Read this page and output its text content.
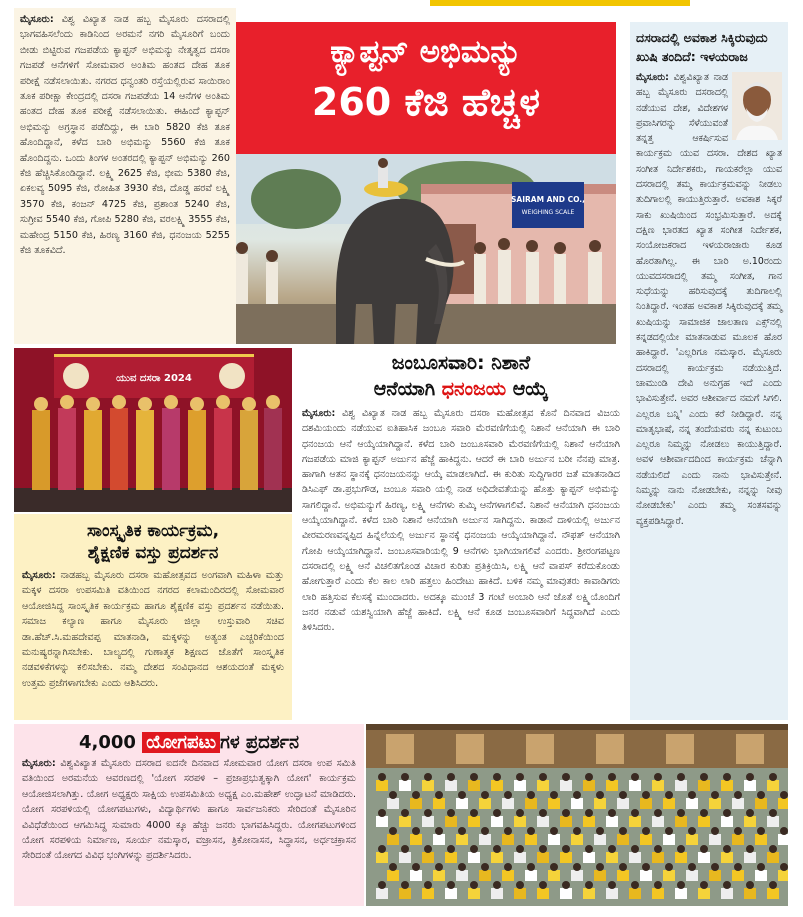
ಮೈಸೂರು: ವಿಶ್ವ ವಿಖ್ಯಾತ ನಾಡ ಹಬ್ಬ ಮೈಸೂರು ದಸರಾದಲ್ಲಿ ಭಾಗವಹಿಸಲೆಂದು ಕಾಡಿನಿಂದ ಅರಮನೆ ನಗರಿ ಮೈಸೂರಿಗೆ ಬಂದು ಬೀಡು ಬಿಟ್ಟಿರುವ ಗಜಪಡೆಯ ಕ್ಯಾಪ್ಟನ್ ಅಭಿಮನ್ಯು ನೇತೃತ್ವದ ದಸರಾ ಗಜಪಡೆ ಆನೆಗಳಿಗೆ ಸೋಮವಾರ ಅಂತಿಮ ಹಂತದ ದೇಹ ತೂಕ ಪರೀಕ್ಷೆ ನಡೆಸಲಾಯಿತು. ನಗರದ ಧನ್ವಂತರಿ ರಸ್ತೆಯಲ್ಲಿರುವ ಸಾಯಿರಾಂ ತೂಕ ಪರೀಕ್ಷಾ ಕೇಂದ್ರದಲ್ಲಿ ದಸರಾ ಗಜಪಡೆಯ 14 ಆನೆಗಳ ಅಂತಿಮ ಹಂತದ ದೇಹ ತೂಕ ಪರೀಕ್ಷೆ ನಡೆಸಲಾಯಿತು. ಈಹಿಂದೆ ಕ್ಯಾಪ್ಟನ್ ಅಭಿಮನ್ಯು ಅಗ್ರಸ್ಥಾನ ಪಡೆದಿದ್ದು, ಈ ಬಾರಿ 5820 ಕೆಜಿ ತೂಕ ಹೊಂದಿದ್ದಾನೆ, ಕಳೆದ ಬಾರಿ ಅಭಿಮನ್ಯು 5560 ಕೆಜಿ ತೂಕ ಹೊಂದಿದ್ದನು. ಒಂದು ತಿಂಗಳ ಅಂತರದಲ್ಲಿ ಕ್ಯಾಪ್ಟನ್ ಅಭಿಮನ್ಯು 260 ಕೆಜಿ ಹೆಚ್ಚಿಸಿಕೊಂಡಿದ್ದಾನೆ. ಲಕ್ಷ್ಮಿ 2625 ಕೆಜಿ, ಭೀಮ 5380 ಕೆಜಿ, ಏಕಲವ್ಯ 5095 ಕೆಜಿ, ರೋಹಿತ 3930 ಕೆಜಿ, ದೊಡ್ಡ ಹರವೆ ಲಕ್ಷ್ಮಿ 3570 ಕೆಜಿ, ಕಂಜನ್ 4725 ಕೆಜಿ, ಪ್ರಶಾಂತ 5240 ಕೆಜಿ, ಸುಗ್ರೀವ 5540 ಕೆಜಿ, ಗೋಪಿ 5280 ಕೆಜಿ, ವರಲಕ್ಷ್ಮಿ 3555 ಕೆಜಿ, ಮಹೇಂದ್ರ 5150 ಕೆಜಿ, ಹಿರಣ್ಯ 3160 ಕೆಜಿ, ಧನಂಜಯ 5255 ಕೆಜಿ ತೂಕವಿದೆ.

ಕ್ಯಾಪ್ಟನ್ ಅಭಿಮನ್ಯು
260 ಕೆಜಿ ಹೆಚ್ಚಳ
SAIRAM AND CO.,
WEIGHING SCALE
ದಸರಾದಲ್ಲಿ ಅವಕಾಶ ಸಿಕ್ಕಿರುವುದು ಖುಷಿ ತಂದಿದೆ: ಇಳಯರಾಜ

ಮೈಸೂರು: ವಿಶ್ವವಿಖ್ಯಾತ ನಾಡ ಹಬ್ಬ ಮೈಸೂರು ದಸರಾದಲ್ಲಿ ನಡೆಯುವ ದೇಶ, ವಿದೇಶಗಳ ಪ್ರವಾಸಿಗರನ್ನು ಸೆಳೆಯುವಂತೆ ತನ್ನತ್ತ ಆಕರ್ಷಿಸುವ ಕಾರ್ಯಕ್ರಮ ಯುವ ದಸರಾ. ದೇಶದ ಖ್ಯಾತ ಸಂಗೀತ ನಿರ್ದೇಶಕರು, ಗಾಯಕರೆಲ್ಲಾ ಯುವ ದಸರಾದಲ್ಲಿ ತಮ್ಮ ಕಾರ್ಯಕ್ರಮವನ್ನು ನೀಡಲು ತುದಿಗಾಲಲ್ಲಿ ಕಾಯುತ್ತಿರುತ್ತಾರೆ. ಅವಕಾಶ ಸಿಕ್ಕರೆ ಸಾಕು ಖುಷಿಯಿಂದ ಸಂಭ್ರಮಿಸುತ್ತಾರೆ. ಅದಕ್ಕೆ ದಕ್ಷಿಣ ಭಾರತದ ಖ್ಯಾತ ಸಂಗೀತ ನಿರ್ದೇಶಕ, ಸಂಯೋಜಕರಾದ ಇಳಯರಾಜಾರು ಕೂಡ ಹೊರತಾಗಿಲ್ಲ. ಈ ಬಾರಿ ಅ.10ರಂದು ಯುವದಸರಾದಲ್ಲಿ ತಮ್ಮ ಸಂಗೀತ, ಗಾನ ಸುಧೆಯನ್ನು ಹರಿಸುವುದಕ್ಕೆ ತುದಿಗಾಲಲ್ಲಿ ನಿಂತಿದ್ದಾರೆ. ಇಂತಹ ಅವಕಾಶ ಸಿಕ್ಕಿರುವುದಕ್ಕೆ ತಮ್ಮ ಖುಷಿಯನ್ನು ಸಾಮಾಜಿಕ ಜಾಲತಾಣ ಎಕ್ಸ್‌ನಲ್ಲಿ ಕನ್ನಡದಲ್ಲಿಯೇ ಮಾತನಾಡುವ ಮೂಲಕ ಹೊರ ಹಾಕಿದ್ದಾರೆ. 'ಎಲ್ಲರಿಗೂ ನಮಸ್ಕಾರ. ಮೈಸೂರು ದಸರಾದಲ್ಲಿ ಕಾರ್ಯಕ್ರಮ ನಡೆಯುತ್ತಿದೆ. ಚಾಮುಂಡಿ ದೇವಿ ಅನುಗ್ರಹ ಇದೆ ಎಂದು ಭಾವಿಸುತ್ತೇನೆ. ಅವರ ಆಶೀರ್ವಾದ ನಮಗೆ ಸಿಗಲಿ. ಎಲ್ಲರೂ ಬನ್ನಿ' ಎಂದು ಕರೆ ನೀಡಿದ್ದಾರೆ. ನನ್ನ ಮಾತೃಭಾಷೆ, ನನ್ನ ತಂದೆಯವರು ನನ್ನ ಕುಟುಂಬ ಎಲ್ಲರೂ ನಿಮ್ಮನ್ನು ನೋಡಲು ಕಾಯುತ್ತಿದ್ದಾರೆ. ಅವಳ ಆಶೀರ್ವಾದದಿಂದ ಕಾರ್ಯಕ್ರಮ ಚೆನ್ನಾಗಿ ನಡೆಯಲಿದೆ ಎಂದು ನಾನು ಭಾವಿಸುತ್ತೇನೆ. ನಿಮ್ಮನ್ನು ನಾನು ನೋಡಬೇಕು, ನನ್ನನ್ನು ನೀವು ನೋಡಬೇಕು' ಎಂದು ತಮ್ಮ ಸಂತಸವನ್ನು ವ್ಯಕ್ತಪಡಿಸಿದ್ದಾರೆ.

ಯುವ ದಸರಾ 2024
ಜಂಬೂಸವಾರಿ: ನಿಶಾನೆ
ಆನೆಯಾಗಿ ಧನಂಜಯ ಆಯ್ಕೆ

ಮೈಸೂರು: ವಿಶ್ವ ವಿಖ್ಯಾತ ನಾಡ ಹಬ್ಬ ಮೈಸೂರು ದಸರಾ ಮಹೋತ್ಸವ ಕೊನೆ ದಿನವಾದ ವಿಜಯ ದಶಮಿಯಂದು ನಡೆಯುವ ಐತಿಹಾಸಿಕ ಜಂಬೂ ಸವಾರಿ ಮೆರವಣಿಗೆಯಲ್ಲಿ ನಿಶಾನೆ ಆನೆಯಾಗಿ ಈ ಬಾರಿ ಧನಂಜಯ ಆನೆ ಆಯ್ಕೆಯಾಗಿದ್ದಾನೆ. ಕಳೆದ ಬಾರಿ ಜಂಬೂಸವಾರಿ ಮೆರವಣಿಗೆಯಲ್ಲಿ ನಿಶಾನೆ ಆನೆಯಾಗಿ ಗಜಪಡೆಯ ಮಾಜಿ ಕ್ಯಾಪ್ಟನ್ ಅರ್ಜುನ ಹೆಜ್ಜೆ ಹಾಕಿದ್ದನು. ಆದರೆ ಈ ಬಾರಿ ಅರ್ಜುನ ಬರೀ ನೆನಪು ಮಾತ್ರ. ಹಾಗಾಗಿ ಆತನ ಸ್ಥಾನಕ್ಕೆ ಧನಂಜಯನನ್ನು ಆಯ್ಕೆ ಮಾಡಲಾಗಿದೆ. ಈ ಕುರಿತು ಸುದ್ದಿಗಾರರ ಜತೆ ಮಾತನಾಡಿದ ಡಿಸಿಎಫ್ ಡಾ.ಪ್ರಭುಗೌಡ, ಜಂಬೂ ಸವಾರಿ ಯಲ್ಲಿ ನಾಡ ಅಧಿದೇವತೆಯನ್ನು ಹೊತ್ತು ಕ್ಯಾಪ್ಟನ್ ಅಭಿಮನ್ಯು ಸಾಗಲಿದ್ದಾನೆ. ಅಭಿಮನ್ಯುಗೆ ಹಿರಣ್ಯ, ಲಕ್ಷ್ಮಿ ಆನೆಗಳು ಕುಮ್ಕಿ ಆನೆಗಳಾಗಲಿವೆ. ನಿಶಾನೆ ಆನೆಯಾಗಿ ಧನಂಜಯ ಆಯ್ಕೆಯಾಗಿದ್ದಾನೆ. ಕಳೆದ ಬಾರಿ ನಿಶಾನೆ ಆನೆಯಾಗಿ ಅರ್ಜುನ ಸಾಗಿದ್ದನು. ಕಾಡಾನೆ ದಾಳಿಯಲ್ಲಿ ಅರ್ಜುನ ವೀರಮರಣವನ್ನಪ್ಪಿದ ಹಿನ್ನೆಲೆಯಲ್ಲಿ ಅರ್ಜುನ ಸ್ಥಾನಕ್ಕೆ ಧನಂಜಯ ಆಯ್ಕೆಯಾಗಿದ್ದಾನೆ. ನೌಫತ್ ಆನೆಯಾಗಿ ಗೋಪಿ ಆಯ್ಕೆಯಾಗಿದ್ದಾನೆ. ಜಂಬೂಸವಾರಿಯಲ್ಲಿ 9 ಆನೆಗಳು ಭಾಗಿಯಾಗಲಿವೆ ಎಂದರು. ಶ್ರೀರಂಗಪಟ್ಟಣ ದಸರಾದಲ್ಲಿ ಲಕ್ಷ್ಮಿ ಆನೆ ವಿಚಲಿತಗೊಂಡ ವಿಚಾರ ಕುರಿತು ಪ್ರತಿಕ್ರಿಯಿಸಿ, ಲಕ್ಷ್ಮಿ ಆನೆ ವಾಪಸ್ ಕರೆದುಕೊಂಡು ಹೋಗುತ್ತಾರೆ ಎಂದು ಕೆಲ ಕಾಲ ಲಾರಿ ಹತ್ತಲು ಹಿಂದೇಟು ಹಾಕಿದೆ. ಬಳಿಕ ನಮ್ಮ ಮಾವುತರು ಕಾವಾಡಿಗರು ಲಾರಿ ಹತ್ತಿಸುವ ಕೆಲಸಕ್ಕೆ ಮುಂದಾದರು. ಅದಕ್ಕೂ ಮುಂಚೆ 3 ಗಂಟೆ ಅಂಬಾರಿ ಆನೆ ಜೊತೆ ಲಕ್ಷ್ಮಿಯೊಂದಿಗೆ ಜನರ ನಡುವೆ ಯಶಸ್ವಿಯಾಗಿ ಹೆಜ್ಜೆ ಹಾಕಿದೆ. ಲಕ್ಷ್ಮಿ ಆನೆ ಕೂಡ ಜಂಬೂಸವಾರಿಗೆ ಸಿದ್ದವಾಗಿದೆ ಎಂದು ತಿಳಿಸಿದರು.

ಸಾಂಸ್ಕೃತಿಕ ಕಾರ್ಯಕ್ರಮ,
ಶೈಕ್ಷಣಿಕ ವಸ್ತು ಪ್ರದರ್ಶನ

ಮೈಸೂರು: ನಾಡಹಬ್ಬ ಮೈಸೂರು ದಸರಾ ಮಹೋತ್ಸವದ ಅಂಗವಾಗಿ ಮಹಿಳಾ ಮತ್ತು ಮಕ್ಕಳ ದಸರಾ ಉಪಸಮಿತಿ ವತಿಯಿಂದ ನಗರದ ಕಲಾಮಂದಿರದಲ್ಲಿ ಸೋಮವಾರ ಆಯೋಜಿಸಿದ್ದ ಸಾಂಸ್ಕೃತಿಕ ಕಾರ್ಯಕ್ರಮ ಹಾಗೂ ಶೈಕ್ಷಣಿಕ ವಸ್ತು ಪ್ರದರ್ಶನ ನಡೆಯಿತು. ಸಮಾಜ ಕಲ್ಯಾಣ ಹಾಗೂ ಮೈಸೂರು ಜಿಲ್ಲಾ ಉಸ್ತುವಾರಿ ಸಚಿವ ಡಾ.ಹೆಚ್.ಸಿ.ಮಹದೇವಪ್ಪ ಮಾತನಾಡಿ, ಮಕ್ಕಳನ್ನು ಅತ್ಯಂತ ಎಚ್ಚರಿಕೆಯಿಂದ ಮನುಷ್ಯರನ್ನಾಗಿಸಬೇಕು. ಬಾಲ್ಯದಲ್ಲಿ ಗುಣಾತ್ಮಕ ಶಿಕ್ಷಣದ ಜೊತೆಗೆ ಸಾಂಸ್ಕೃತಿಕ ನಡವಳಿಕೆಗಳನ್ನು ಕಲಿಸಬೇಕು. ನಮ್ಮ ದೇಶದ ಸಂವಿಧಾನದ ಆಶಯದಂತೆ ಮಕ್ಕಳು ಉತ್ತಮ ಪ್ರಜೆಗಳಾಗಬೇಕು ಎಂದು ಆಶಿಸಿದರು.

4,000 ಯೋಗಪಟು ಗಳ ಪ್ರದರ್ಶನ

ಮೈಸೂರು: ವಿಶ್ವವಿಖ್ಯಾತ ಮೈಸೂರು ದಸರಾದ ಐದನೇ ದಿನವಾದ ಸೋಮವಾರ ಯೋಗ ದಸರಾ ಉಪ ಸಮಿತಿ ವತಿಯಿಂದ ಅರಮನೆಯ ಆವರಣದಲ್ಲಿ 'ಯೋಗ ಸರಪಳಿ – ಪ್ರಜಾಪ್ರಭುತ್ವಕ್ಕಾಗಿ ಯೋಗ' ಕಾರ್ಯಕ್ರಮ ಆಯೋಜಿಸಲಾಗಿತ್ತು. ಯೋಗ ಅಧ್ಯಕ್ಷರು ಸಾಕ್ಷಿಯ ಉಪಸಮಿತಿಯ ಅಧ್ಯಕ್ಷ ಎಂ.ಮಹೇಶ್ ಉದ್ಘಾಟನೆ ಮಾಡಿದರು. ಯೋಗ ಸರಪಳಿಯಲ್ಲಿ ಯೋಗಪಟುಗಳು, ವಿದ್ಯಾರ್ಥಿಗಳು ಹಾಗೂ ಸಾರ್ವಜನಿಕರು ಸೇರಿದಂತೆ ಮೈಸೂರಿನ ವಿವಿಧೆಡೆಯಿಂದ ಆಗಮಿಸಿದ್ದ ಸುಮಾರು 4000 ಕ್ಕೂ ಹೆಚ್ಚು ಜನರು ಭಾಗವಹಿಸಿದ್ದರು. ಯೋಗಪಟುಗಳಿಂದ ಯೋಗ ಸರಪಳಿಯ ನಿರ್ಮಾಣ, ಸೂರ್ಯ ನಮಸ್ಕಾರ, ವಜ್ರಾಸನ, ತ್ರಿಕೋನಾಸನ, ಸಿದ್ಧಾಸನ, ಅರ್ಧಚಕ್ರಾಸನ ಸೇರಿದಂತೆ ಯೋಗದ ವಿವಿಧ ಭಂಗಿಗಳನ್ನು ಪ್ರದರ್ಶಿಸಿದರು.
